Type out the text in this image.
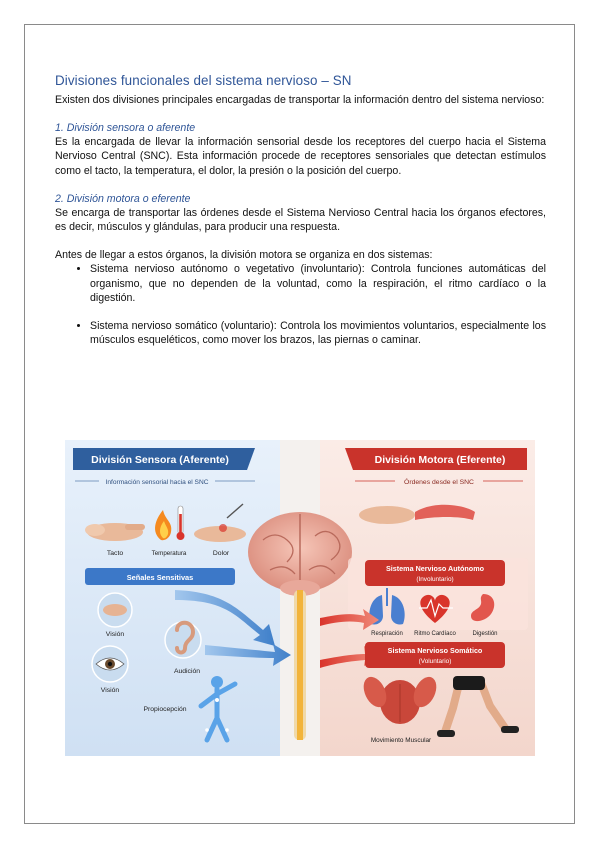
Divisiones funcionales del sistema nervioso – SN

Existen dos divisiones principales encargadas de transportar la información dentro del sistema nervioso:

1. División sensora o aferente

Es la encargada de llevar la información sensorial desde los receptores del cuerpo hacia el Sistema Nervioso Central (SNC). Esta información procede de receptores sensoriales que detectan estímulos como el tacto, la temperatura, el dolor, la presión o la posición del cuerpo.

2. División motora o eferente

Se encarga de transportar las órdenes desde el Sistema Nervioso Central hacia los órganos efectores, es decir, músculos y glándulas, para producir una respuesta.

Antes de llegar a estos órganos, la división motora se organiza en dos sistemas:

• Sistema nervioso autónomo o vegetativo (involuntario): Controla funciones automáticas del organismo, que no dependen de la voluntad, como la respiración, el ritmo cardíaco o la digestión.
• Sistema nervioso somático (voluntario): Controla los movimientos voluntarios, especialmente los músculos esqueléticos, como mover los brazos, las piernas o caminar.
División Sensora (Aferente)
Información sensorial hacia el SNC
Tacto	Temperatura	Dolor
Señales Sensitivas
Visión
Audición
Visión
Propiocepción
División Motora (Eferente)
Órdenes desde el SNC
Sistema Nervioso Autónomo
(Involuntario)
Respiración Ritmo Cardíaco	Digestión
Sistema Nervioso Somático
(Voluntario)
Movimiento Muscular
